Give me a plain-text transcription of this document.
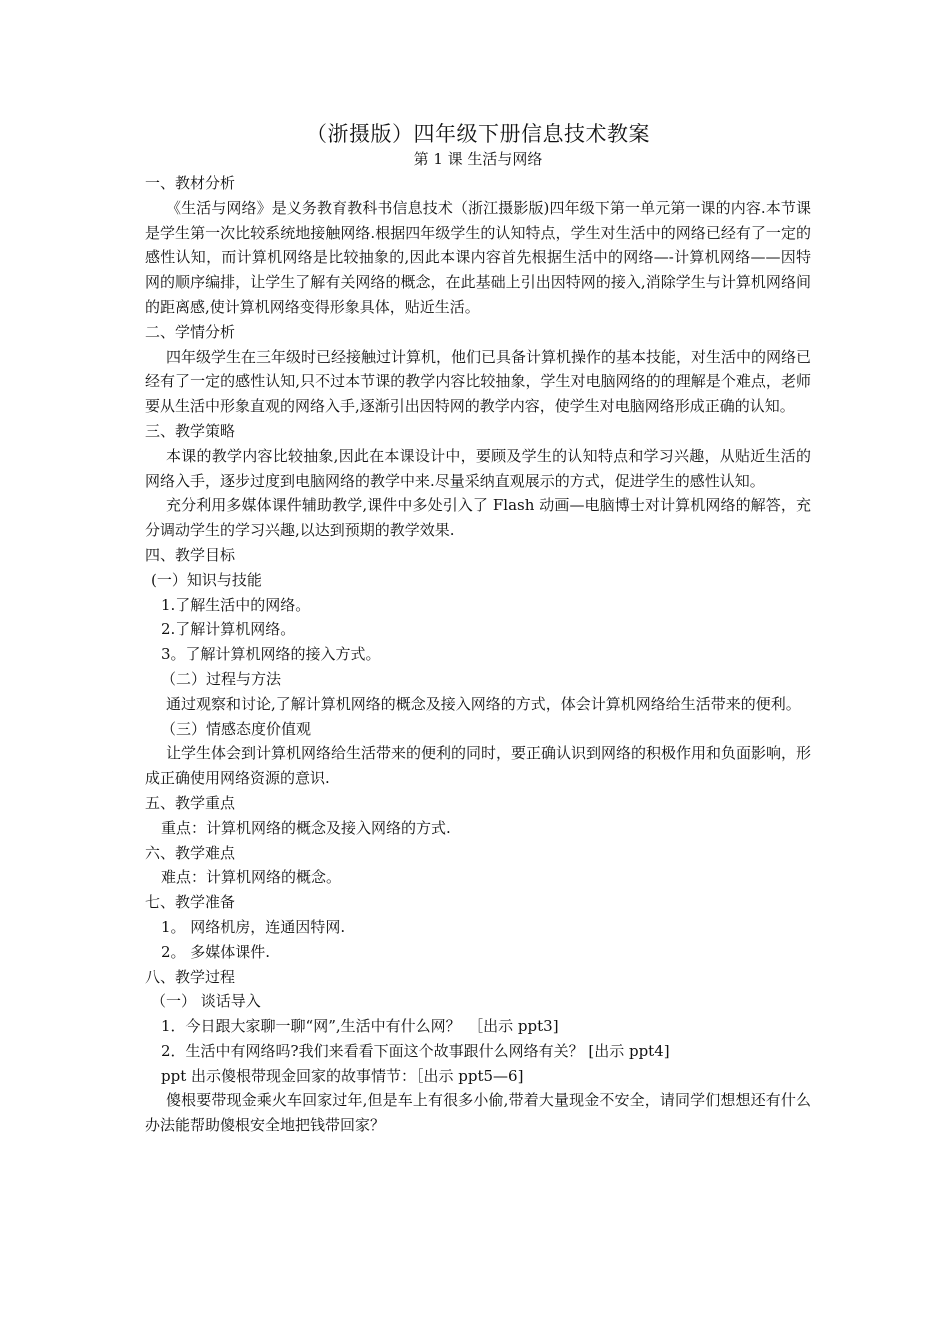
（浙摄版）四年级下册信息技术教案

第 1 课 生活与网络

一、教材分析

《生活与网络》是义务教育教科书信息技术（浙江摄影版)四年级下第一单元第一课的内容.本节课是学生第一次比较系统地接触网络.根据四年级学生的认知特点，学生对生活中的网络已经有了一定的感性认知，而计算机网络是比较抽象的,因此本课内容首先根据生活中的网络—-计算机网络——因特网的顺序编排，让学生了解有关网络的概念，在此基础上引出因特网的接入,消除学生与计算机网络间的距离感,使计算机网络变得形象具体，贴近生活。

二、学情分析

四年级学生在三年级时已经接触过计算机，他们已具备计算机操作的基本技能，对生活中的网络已经有了一定的感性认知,只不过本节课的教学内容比较抽象，学生对电脑网络的的理解是个难点，老师要从生活中形象直观的网络入手,逐渐引出因特网的教学内容，使学生对电脑网络形成正确的认知。

三、教学策略

本课的教学内容比较抽象,因此在本课设计中，要顾及学生的认知特点和学习兴趣，从贴近生活的网络入手，逐步过度到电脑网络的教学中来.尽量采纳直观展示的方式，促进学生的感性认知。

充分利用多媒体课件辅助教学,课件中多处引入了 Flash 动画—电脑博士对计算机网络的解答，充分调动学生的学习兴趣,以达到预期的教学效果.

四、教学目标

(一）知识与技能

1.了解生活中的网络。

2.了解计算机网络。

3。了解计算机网络的接入方式。

（二）过程与方法

通过观察和讨论,了解计算机网络的概念及接入网络的方式，体会计算机网络给生活带来的便利。

（三）情感态度价值观

让学生体会到计算机网络给生活带来的便利的同时，要正确认识到网络的积极作用和负面影响，形成正确使用网络资源的意识.

五、教学重点

重点：计算机网络的概念及接入网络的方式.

六、教学难点

难点：计算机网络的概念。

七、教学准备

1。 网络机房，连通因特网.

2。 多媒体课件.

八、教学过程

（一） 谈话导入

1．今日跟大家聊一聊“网”,生活中有什么网？　［出示 ppt3]

2．生活中有网络吗?我们来看看下面这个故事跟什么网络有关？ [出示 ppt4]

ppt 出示傻根带现金回家的故事情节：［出示 ppt5—6]

傻根要带现金乘火车回家过年,但是车上有很多小偷,带着大量现金不安全，请同学们想想还有什么办法能帮助傻根安全地把钱带回家？
